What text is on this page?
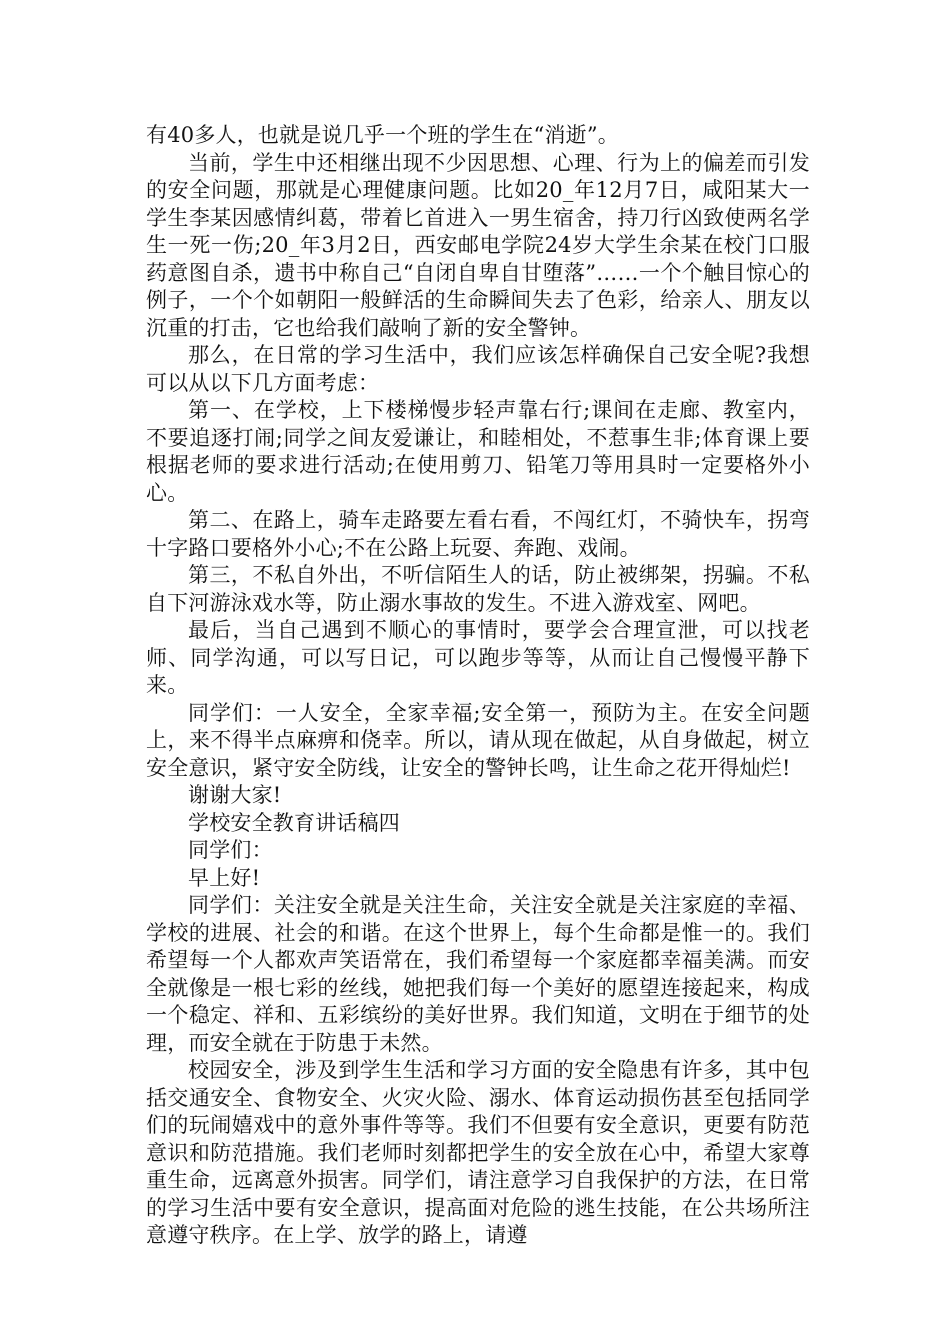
有40多人，也就是说几乎一个班的学生在“消逝”。

当前，学生中还相继出现不少因思想、心理、行为上的偏差而引发的安全问题，那就是心理健康问题。比如20_年12月7日，咸阳某大一学生李某因感情纠葛，带着匕首进入一男生宿舍，持刀行凶致使两名学生一死一伤;20_年3月2日，西安邮电学院24岁大学生余某在校门口服药意图自杀，遗书中称自己“自闭自卑自甘堕落”……一个个触目惊心的例子，一个个如朝阳一般鲜活的生命瞬间失去了色彩，给亲人、朋友以沉重的打击，它也给我们敲响了新的安全警钟。

那么，在日常的学习生活中，我们应该怎样确保自己安全呢?我想可以从以下几方面考虑：

第一、在学校，上下楼梯慢步轻声靠右行;课间在走廊、教室内，不要追逐打闹;同学之间友爱谦让，和睦相处，不惹事生非;体育课上要根据老师的要求进行活动;在使用剪刀、铅笔刀等用具时一定要格外小心。

第二、在路上，骑车走路要左看右看，不闯红灯，不骑快车，拐弯十字路口要格外小心;不在公路上玩耍、奔跑、戏闹。

第三，不私自外出，不听信陌生人的话，防止被绑架，拐骗。不私自下河游泳戏水等，防止溺水事故的发生。不进入游戏室、网吧。

最后，当自己遇到不顺心的事情时，要学会合理宣泄，可以找老师、同学沟通，可以写日记，可以跑步等等，从而让自己慢慢平静下来。

同学们：一人安全，全家幸福;安全第一，预防为主。在安全问题上，来不得半点麻痹和侥幸。所以，请从现在做起，从自身做起，树立安全意识，紧守安全防线，让安全的警钟长鸣，让生命之花开得灿烂!

谢谢大家!

学校安全教育讲话稿四

同学们：

早上好!

同学们：关注安全就是关注生命，关注安全就是关注家庭的幸福、学校的进展、社会的和谐。在这个世界上，每个生命都是惟一的。我们希望每一个人都欢声笑语常在，我们希望每一个家庭都幸福美满。而安全就像是一根七彩的丝线，她把我们每一个美好的愿望连接起来，构成一个稳定、祥和、五彩缤纷的美好世界。我们知道，文明在于细节的处理，而安全就在于防患于未然。

校园安全，涉及到学生生活和学习方面的安全隐患有许多，其中包括交通安全、食物安全、火灾火险、溺水、体育运动损伤甚至包括同学们的玩闹嬉戏中的意外事件等等。我们不但要有安全意识，更要有防范意识和防范措施。我们老师时刻都把学生的安全放在心中，希望大家尊重生命，远离意外损害。同学们，请注意学习自我保护的方法，在日常的学习生活中要有安全意识，提高面对危险的逃生技能，在公共场所注意遵守秩序。在上学、放学的路上，请遵
